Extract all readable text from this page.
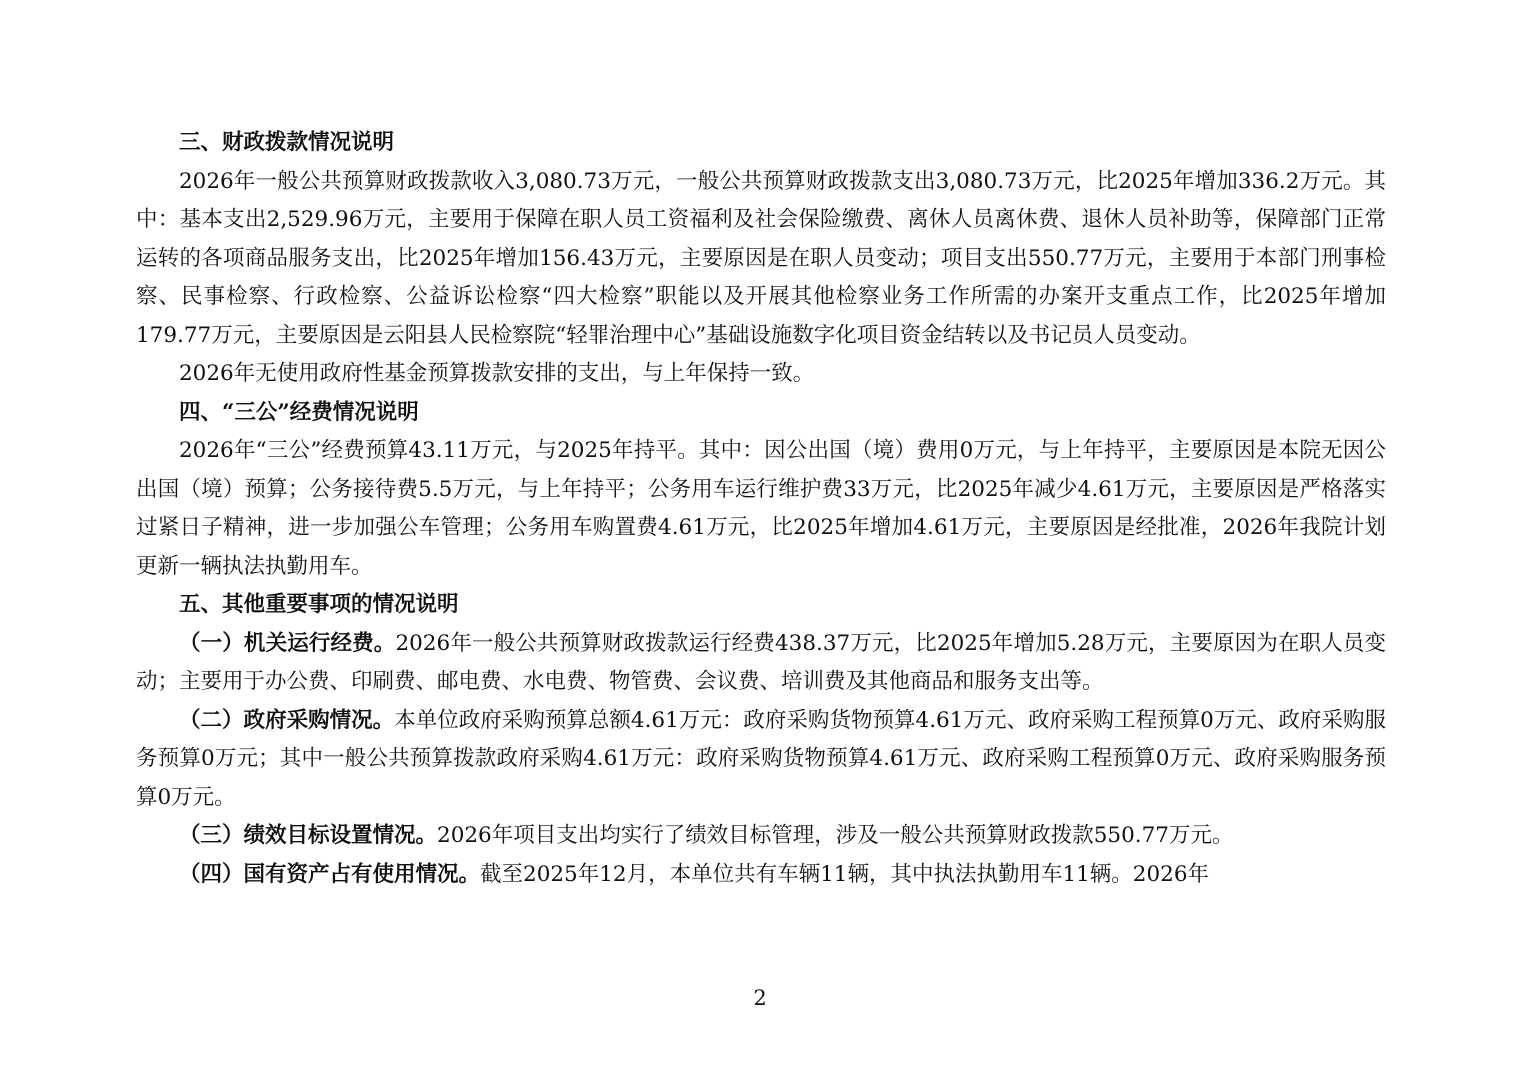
三、财政拨款情况说明

2026年一般公共预算财政拨款收入3,080.73万元，一般公共预算财政拨款支出3,080.73万元，比2025年增加336.2万元。其中：基本支出2,529.96万元，主要用于保障在职人员工资福利及社会保险缴费、离休人员离休费、退休人员补助等，保障部门正常运转的各项商品服务支出，比2025年增加156.43万元，主要原因是在职人员变动；项目支出550.77万元，主要用于本部门刑事检察、民事检察、行政检察、公益诉讼检察“四大检察”职能以及开展其他检察业务工作所需的办案开支重点工作，比2025年增加179.77万元，主要原因是云阳县人民检察院“轻罪治理中心”基础设施数字化项目资金结转以及书记员人员变动。

2026年无使用政府性基金预算拨款安排的支出，与上年保持一致。

四、“三公”经费情况说明

2026年“三公”经费预算43.11万元，与2025年持平。其中：因公出国（境）费用0万元，与上年持平，主要原因是本院无因公出国（境）预算；公务接待费5.5万元，与上年持平；公务用车运行维护费33万元，比2025年减少4.61万元，主要原因是严格落实过紧日子精神，进一步加强公车管理；公务用车购置费4.61万元，比2025年增加4.61万元，主要原因是经批准，2026年我院计划更新一辆执法执勤用车。

五、其他重要事项的情况说明

（一）机关运行经费。2026年一般公共预算财政拨款运行经费438.37万元，比2025年增加5.28万元，主要原因为在职人员变动；主要用于办公费、印刷费、邮电费、水电费、物管费、会议费、培训费及其他商品和服务支出等。

（二）政府采购情况。本单位政府采购预算总额4.61万元：政府采购货物预算4.61万元、政府采购工程预算0万元、政府采购服务预算0万元；其中一般公共预算拨款政府采购4.61万元：政府采购货物预算4.61万元、政府采购工程预算0万元、政府采购服务预算0万元。

（三）绩效目标设置情况。2026年项目支出均实行了绩效目标管理，涉及一般公共预算财政拨款550.77万元。

（四）国有资产占有使用情况。截至2025年12月，本单位共有车辆11辆，其中执法执勤用车11辆。2026年

2
